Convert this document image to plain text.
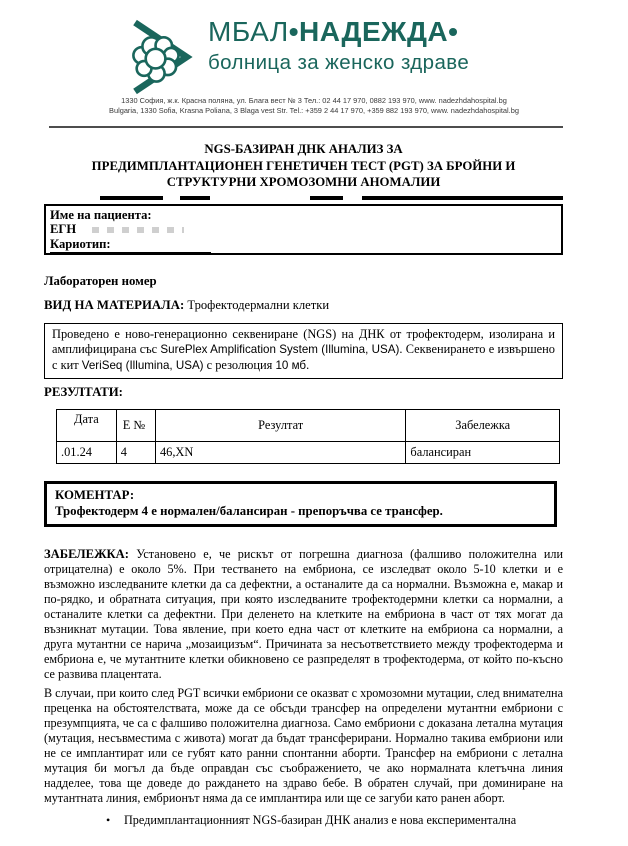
МБАЛ•НАДЕЖДА•
болница за женско здраве
1330 София, ж.к. Красна поляна, ул. Блага вест № 3 Тел.: 02 44 17 970, 0882 193 970, www. nadezhdahospital.bg
Bulgaria, 1330 Sofia, Krasna Poliana, 3 Blaga vest Str. Tel.: +359 2 44 17 970, +359 882 193 970, www. nadezhdahospital.bg
NGS-БАЗИРАН ДНК АНАЛИЗ ЗА
ПРЕДИМПЛАНТАЦИОНЕН ГЕНЕТИЧЕН ТЕСТ (PGT) ЗА БРОЙНИ И
СТРУКТУРНИ ХРОМОЗОМНИ АНОМАЛИИ
Име на пациента:
ЕГН
Кариотип:
Лабораторен номер
ВИД НА МАТЕРИАЛА: Трофектодермални клетки
Проведено е ново-генерационно секвениране (NGS) на ДНК от трофектодерм, изолирана и амплифицирана със SurePlex Amplification System (Illumina, USA). Секвенирането е извършено с кит VeriSeq (Illumina, USA) с резолюция 10 мб.
РЕЗУЛТАТИ:
Дата	Е №	Резултат	Забележка
.01.24	4	46,XN	балансиран
КОМЕНТАР:
Трофектодерм 4 е нормален/балансиран - препоръчва се трансфер.

ЗАБЕЛЕЖКА: Установено е, че рискът от погрешна диагноза (фалшиво положителна или отрицателна) е около 5%. При тестването на ембриона, се изследват около 5-10 клетки и е възможно изследваните клетки да са дефектни, а останалите да са нормални. Възможна е, макар и по-рядко, и обратната ситуация, при която изследваните трофектодермни клетки са нормални, а останалите клетки са дефектни. При деленето на клетките на ембриона в част от тях могат да възникнат мутации. Това явление, при което една част от клетките на ембриона са нормални, а друга мутантни се нарича „мозаицизъм“. Причината за несъответствието между трофектодерма и ембриона е, че мутантните клетки обикновено се разпределят в трофектодерма, от който по-късно се развива плацентата.

В случаи, при които след PGT всички ембриони се оказват с хромозомни мутации, след внимателна преценка на обстоятелствата, може да се обсъди трансфер на определени мутантни ембриони с презумпцията, че са с фалшиво положителна диагноза. Само ембриони с доказана летална мутация (мутация, несъвместима с живота) могат да бъдат трансферирани. Нормално такива ембриони или не се имплантират или се губят като ранни спонтанни аборти. Трансфер на ембриони с летална мутация би могъл да бъде оправдан със съображението, че ако нормалната клетъчна линия надделее, това ще доведе до раждането на здраво бебе. В обратен случай, при доминиране на мутантната линия, ембрионът няма да се имплантира или ще се загуби като ранен аборт.

•	Предимплантационният NGS-базиран ДНК анализ е нова експериментална
